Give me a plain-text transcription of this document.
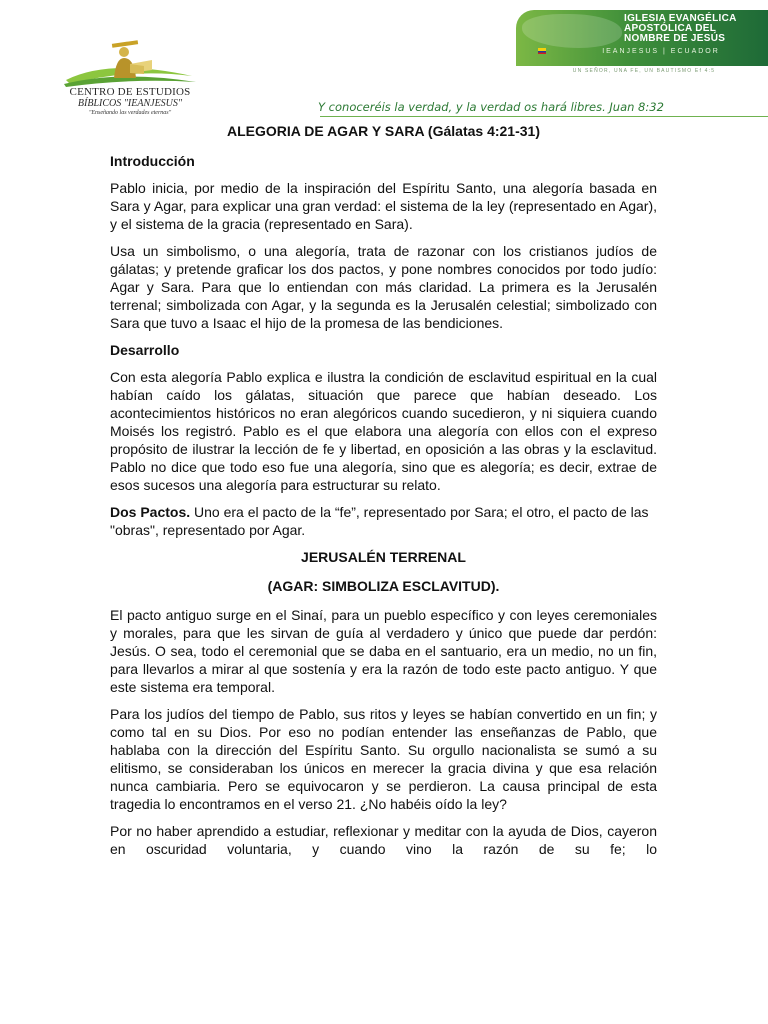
CENTRO DE ESTUDIOS
BÍBLICOS "IEANJESUS"
"Enseñando las verdades eternas"
IGLESIA EVANGÉLICA
APOSTÓLICA DEL
NOMBRE DE JESÚS
IEANJESUS | ECUADOR
UN SEÑOR, UNA FE, UN BAUTISMO Ef 4:5
Y conoceréis la verdad, y la verdad os hará libres. Juan 8:32
ALEGORIA DE AGAR Y SARA (Gálatas 4:21-31)
Introducción

Pablo inicia, por medio de la inspiración del Espíritu Santo, una alegoría basada en Sara y Agar, para explicar una gran verdad: el sistema de la ley (representado en Agar), y el sistema de la gracia (representado en Sara).

Usa un simbolismo, o una alegoría, trata de razonar con los cristianos judíos de gálatas; y pretende graficar los dos pactos, y pone nombres conocidos por todo judío: Agar y Sara. Para que lo entiendan con más claridad. La primera es la Jerusalén terrenal; simbolizada con Agar, y la segunda es la Jerusalén celestial; simbolizado con Sara que tuvo a Isaac el hijo de la promesa de las bendiciones.

Desarrollo

Con esta alegoría Pablo explica e ilustra la condición de esclavitud espiritual en la cual habían caído los gálatas, situación que parece que habían deseado. Los acontecimientos históricos no eran alegóricos cuando sucedieron, y ni siquiera cuando Moisés los registró. Pablo es el que elabora una alegoría con ellos con el expreso propósito de ilustrar la lección de fe y libertad, en oposición a las obras y la esclavitud. Pablo no dice que todo eso fue una alegoría, sino que es alegoría; es decir, extrae de esos sucesos una alegoría para estructurar su relato.

Dos Pactos. Uno era el pacto de la “fe”, representado por Sara; el otro, el pacto de las "obras", representado por Agar.

JERUSALÉN TERRENAL
(AGAR: SIMBOLIZA ESCLAVITUD).

El pacto antiguo surge en el Sinaí, para un pueblo específico y con leyes ceremoniales y morales, para que les sirvan de guía al verdadero y único que puede dar perdón: Jesús. O sea, todo el ceremonial que se daba en el santuario, era un medio, no un fin, para llevarlos a mirar al que sostenía y era la razón de todo este pacto antiguo. Y que este sistema era temporal.

Para los judíos del tiempo de Pablo, sus ritos y leyes se habían convertido en un fin; y como tal en su Dios. Por eso no podían entender las enseñanzas de Pablo, que hablaba con la dirección del Espíritu Santo. Su orgullo nacionalista se sumó a su elitismo, se consideraban los únicos en merecer la gracia divina y que esa relación nunca cambiaria. Pero se equivocaron y se perdieron. La causa principal de esta tragedia lo encontramos en el verso 21. ¿No habéis oído la ley?

Por no haber aprendido a estudiar, reflexionar y meditar con la ayuda de Dios, cayeron en oscuridad voluntaria, y cuando vino la razón de su fe; lo
